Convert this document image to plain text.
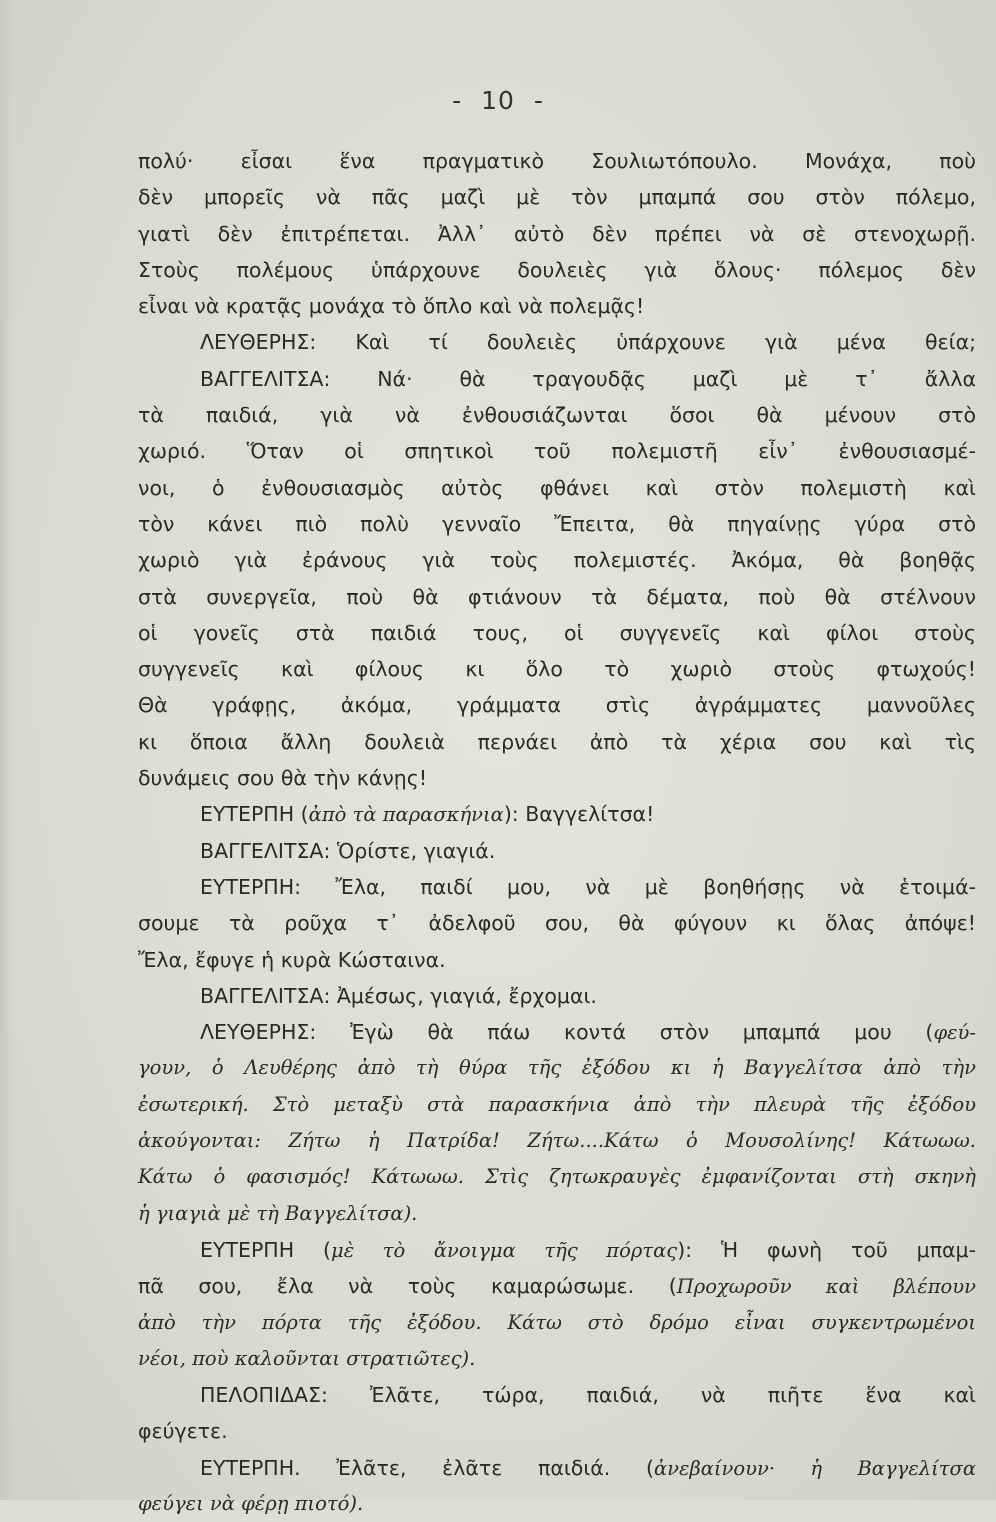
- 10 -
πολύ· εἶσαι ἕνα πραγματικὸ Σουλιωτόπουλο. Μονάχα, ποὺ
δὲν μπορεῖς νὰ πᾶς μαζὶ μὲ τὸν μπαμπά σου στὸν πόλεμο,
γιατὶ δὲν ἐπιτρέπεται. Ἀλλ᾽ αὐτὸ δὲν πρέπει νὰ σὲ στενοχωρῇ.
Στοὺς πολέμους ὑπάρχουνε δουλειὲς γιὰ ὅλους· πόλεμος δὲν
εἶναι νὰ κρατᾷς μονάχα τὸ ὅπλο καὶ νὰ πολεμᾷς!
ΛΕΥΘΕΡΗΣ: Καὶ τί δουλειὲς ὑπάρχουνε γιὰ μένα θεία;
ΒΑΓΓΕΛΙΤΣΑ: Νά· θὰ τραγουδᾷς μαζὶ μὲ τ᾽ ἄλλα
τὰ παιδιά, γιὰ νὰ ἐνθουσιάζωνται ὅσοι θὰ μένουν στὸ
χωριό. Ὅταν οἱ σπητικοὶ τοῦ πολεμιστῆ εἶν᾽ ἐνθουσιασμέ-
νοι, ὁ ἐνθουσιασμὸς αὐτὸς φθάνει καὶ στὸν πολεμιστὴ καὶ
τὸν κάνει πιὸ πολὺ γενναῖο Ἔπειτα, θὰ πηγαίνῃς γύρα στὸ
χωριὸ γιὰ ἐράνους γιὰ τοὺς πολεμιστές. Ἀκόμα, θὰ βοηθᾷς
στὰ συνεργεῖα, ποὺ θὰ φτιάνουν τὰ δέματα, ποὺ θὰ στέλνουν
οἱ γονεῖς στὰ παιδιά τους, οἱ συγγενεῖς καὶ φίλοι στοὺς
συγγενεῖς καὶ φίλους κι ὅλο τὸ χωριὸ στοὺς φτωχούς!
Θὰ γράφῃς, ἀκόμα, γράμματα στὶς ἀγράμματες μαννοῦλες
κι ὅποια ἄλλη δουλειὰ περνάει ἀπὸ τὰ χέρια σου καὶ τὶς
δυνάμεις σου θὰ τὴν κάνῃς!
ΕΥΤΕΡΠΗ (ἀπὸ τὰ παρασκήνια): Βαγγελίτσα!
ΒΑΓΓΕΛΙΤΣΑ: Ὁρίστε, γιαγιά.
ΕΥΤΕΡΠΗ: Ἔλα, παιδί μου, νὰ μὲ βοηθήσῃς νὰ ἑτοιμά-
σουμε τὰ ροῦχα τ᾽ ἀδελφοῦ σου, θὰ φύγουν κι ὅλας ἀπόψε!
Ἔλα, ἔφυγε ἡ κυρὰ Κώσταινα.
ΒΑΓΓΕΛΙΤΣΑ: Ἀμέσως, γιαγιά, ἔρχομαι.
ΛΕΥΘΕΡΗΣ: Ἐγὼ θὰ πάω κοντά στὸν μπαμπά μου (φεύ-
γουν, ὁ Λευθέρης ἀπὸ τὴ θύρα τῆς ἐξόδου κι ἡ Βαγγελίτσα ἀπὸ τὴν
ἐσωτερική. Στὸ μεταξὺ στὰ παρασκήνια ἀπὸ τὴν πλευρὰ τῆς ἐξόδου
ἀκούγονται: Ζήτω ἡ Πατρίδα! Ζήτω....Κάτω ὁ Μουσολίνης! Κάτωωω.
Κάτω ὁ φασισμός! Κάτωωω. Στὶς ζητωκραυγὲς ἐμφανίζονται στὴ σκηνὴ
ἡ γιαγιὰ μὲ τὴ Βαγγελίτσα).
ΕΥΤΕΡΠΗ (μὲ τὸ ἄνοιγμα τῆς πόρτας): Ἡ φωνὴ τοῦ μπαμ-
πᾶ σου, ἔλα νὰ τοὺς καμαρώσωμε. (Προχωροῦν καὶ βλέπουν
ἀπὸ τὴν πόρτα τῆς ἐξόδου. Κάτω στὸ δρόμο εἶναι συγκεντρωμένοι
νέοι, ποὺ καλοῦνται στρατιῶτες).
ΠΕΛΟΠΙΔΑΣ: Ἐλᾶτε, τώρα, παιδιά, νὰ πιῆτε ἕνα καὶ
φεύγετε.
ΕΥΤΕΡΠΗ. Ἐλᾶτε, ἐλᾶτε παιδιά. (ἀνεβαίνουν· ἡ Βαγγελίτσα
φεύγει νὰ φέρῃ πιοτό).
